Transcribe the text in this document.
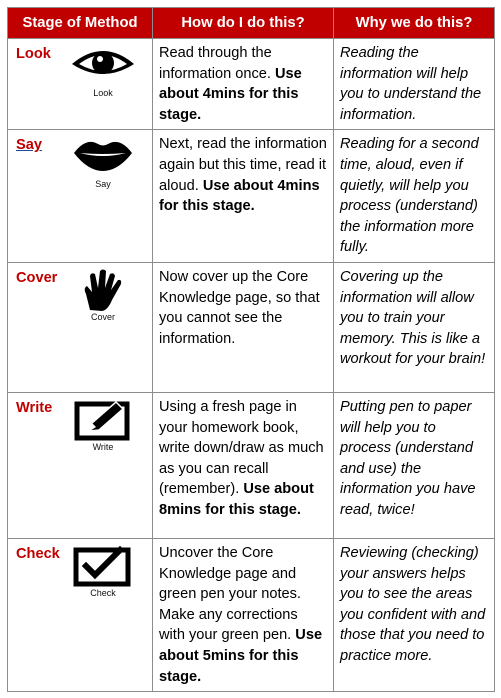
Stage of Method	How do I do this?	Why we do this?

Look
Look	Read through the information once. Use about 4mins for this stage.	Reading the information will help you to understand the information.

Say
Say	Next, read the information again but this time, read it aloud. Use about 4mins for this stage.	Reading for a second time, aloud, even if quietly, will help you process (understand) the information more fully.

Cover
Cover	Now cover up the Core Knowledge page, so that you cannot see the information.	Covering up the information will allow you to train your memory. This is like a workout for your brain!

Write
Write	Using a fresh page in your homework book, write down/draw as much as you can recall (remember). Use about 8mins for this stage.	Putting pen to paper will help you to process (understand and use) the information you have read, twice!

Check
Check	Uncover the Core Knowledge page and green pen your notes. Make any corrections with your green pen. Use about 5mins for this stage.	Reviewing (checking) your answers helps you to see the areas you confident with and those that you need to practice more.
